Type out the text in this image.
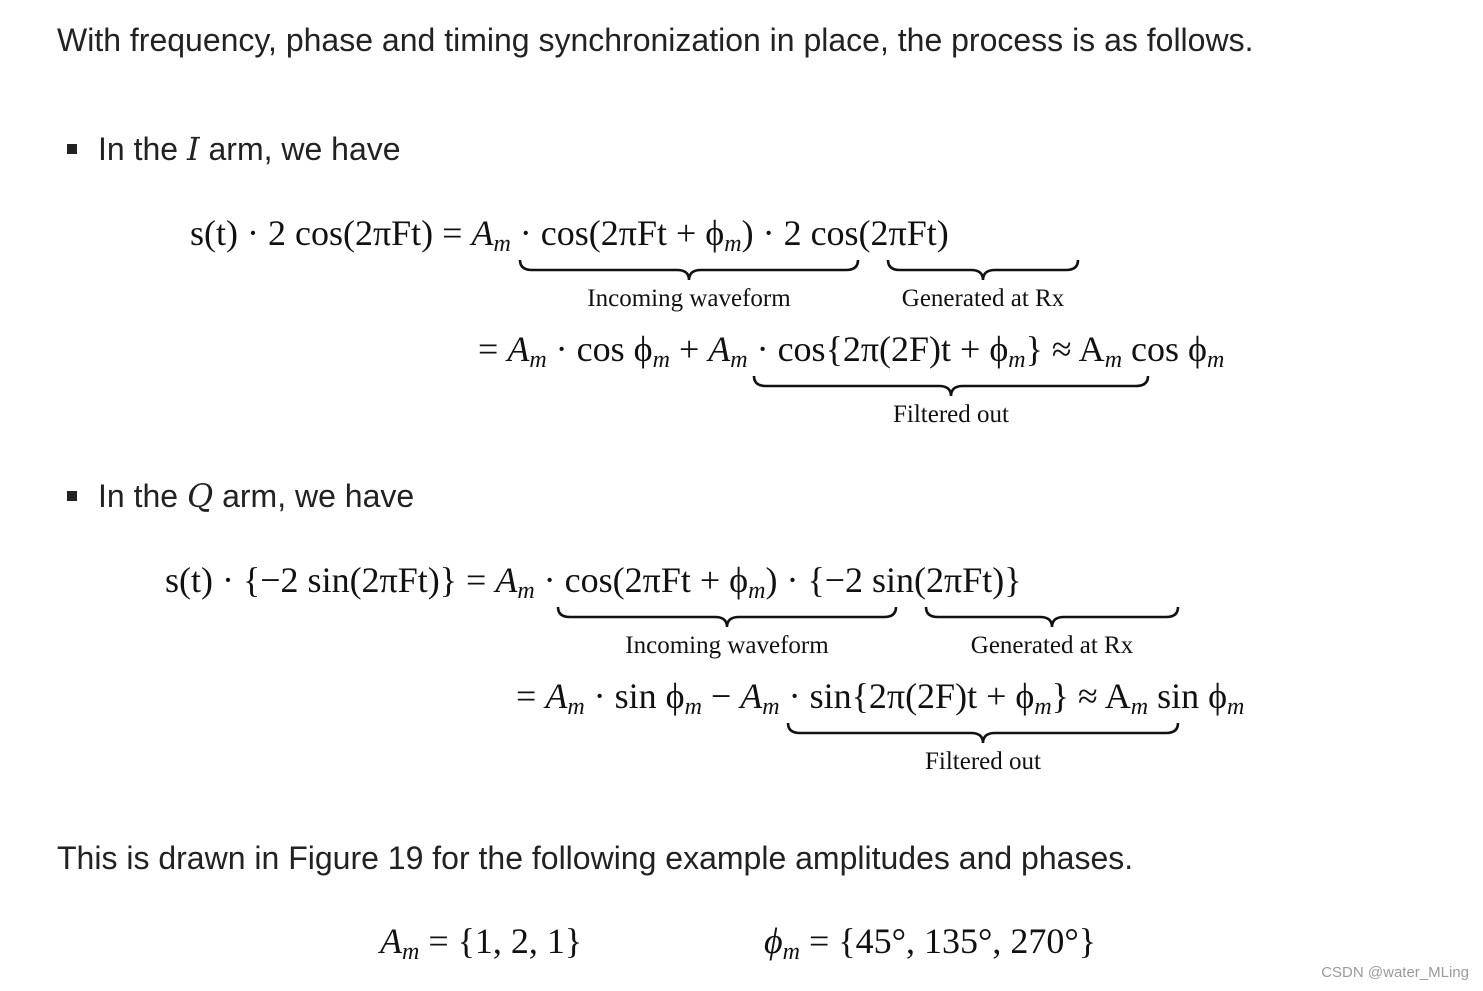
With frequency, phase and timing synchronization in place, the process is as follows.

In the I arm, we have
s(t) · 2 $\cos(2\pi Ft) = A_m \cdot \cos(2\pi Ft + \phi_m) \cdot 2$ cos(2πFt)
Incoming waveform	Generated at Rx
= $A_m \cdot \cos \phi_m + A_m \cdot \cos\{2\pi(2F)t + \phi_m\} \approx A_m$ $\cos \phi_m$
Filtered out
In the Q arm, we have
s(t) · {−2 $\sin(2\pi Ft)\} = A_m \cdot \cos(2\pi Ft + \phi_m) \cdot \{-2$ sin(2πFt)}
Incoming waveform	Generated at Rx
= $A_m \cdot \sin \phi_m - A_m \cdot \sin\{2\pi(2F)t + \phi_m\} \approx A_m$ $\sin \phi_m$
Filtered out

This is drawn in Figure 19 for the following example amplitudes and phases.

$A_m = \{1$, 2, 1}	$\phi_m = \{45^\circ$, 135°, 270°}
CSDN @water_MLing
